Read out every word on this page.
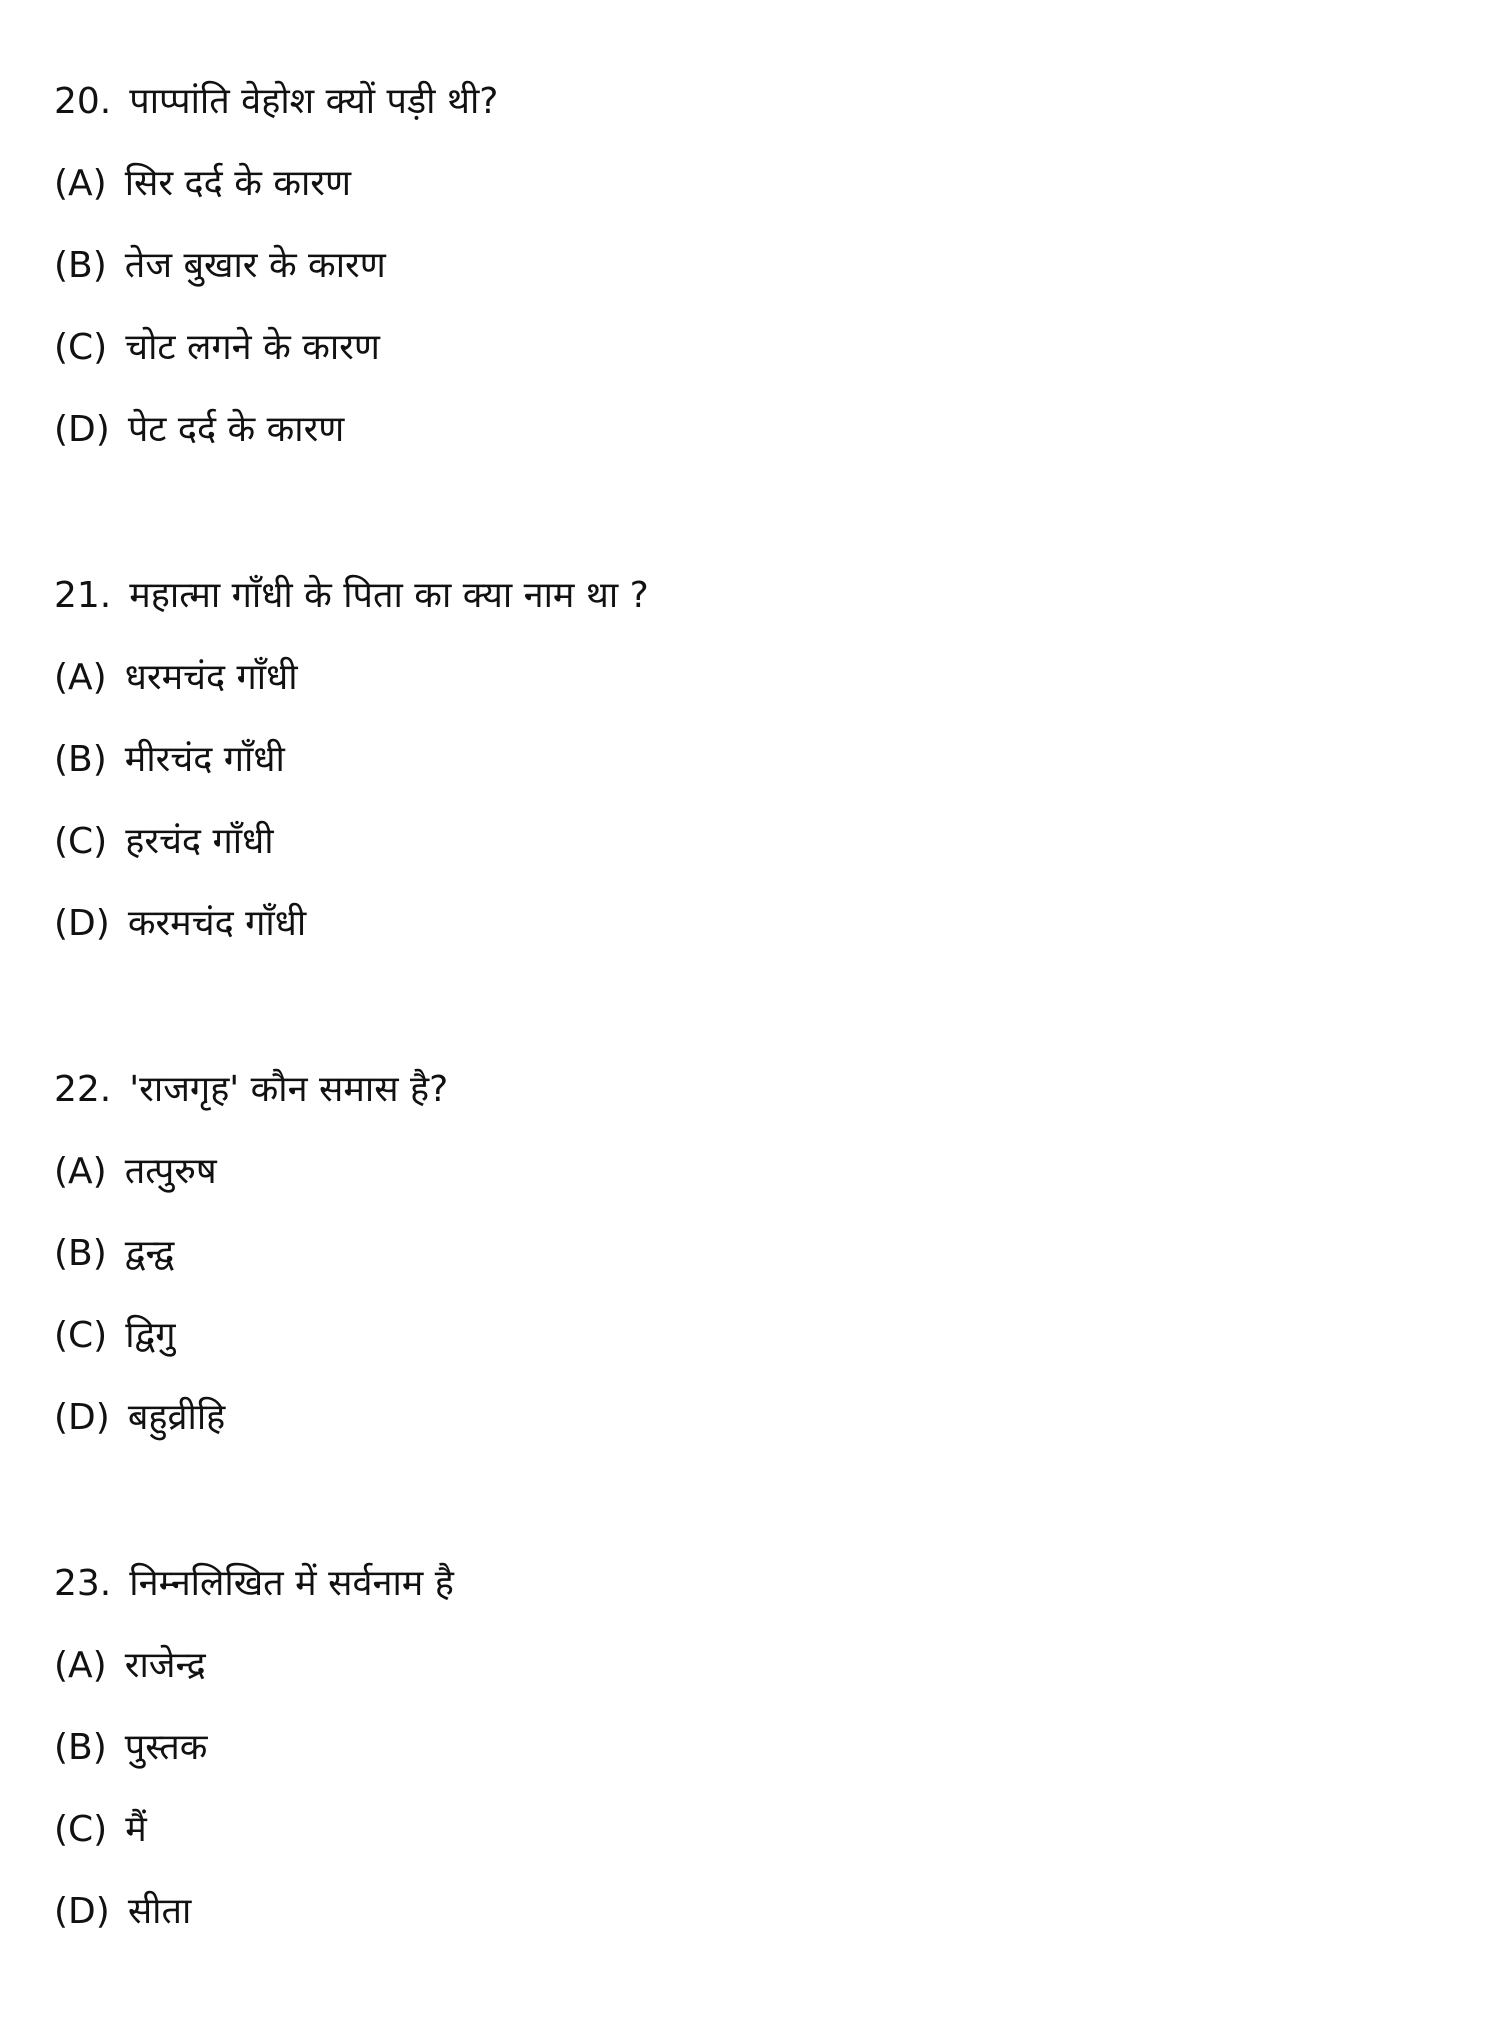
20. पाप्पांति वेहोश क्यों पड़ी थी?
(A) सिर दर्द के कारण
(B) तेज बुखार के कारण
(C) चोट लगने के कारण
(D) पेट दर्द के कारण
21. महात्मा गाँधी के पिता का क्या नाम था ?
(A) धरमचंद गाँधी
(B) मीरचंद गाँधी
(C) हरचंद गाँधी
(D) करमचंद गाँधी
22. 'राजगृह' कौन समास है?
(A) तत्पुरुष
(B) द्वन्द्व
(C) द्विगु
(D) बहुव्रीहि
23. निम्नलिखित में सर्वनाम है
(A) राजेन्द्र
(B) पुस्तक
(C) मैं
(D) सीता
